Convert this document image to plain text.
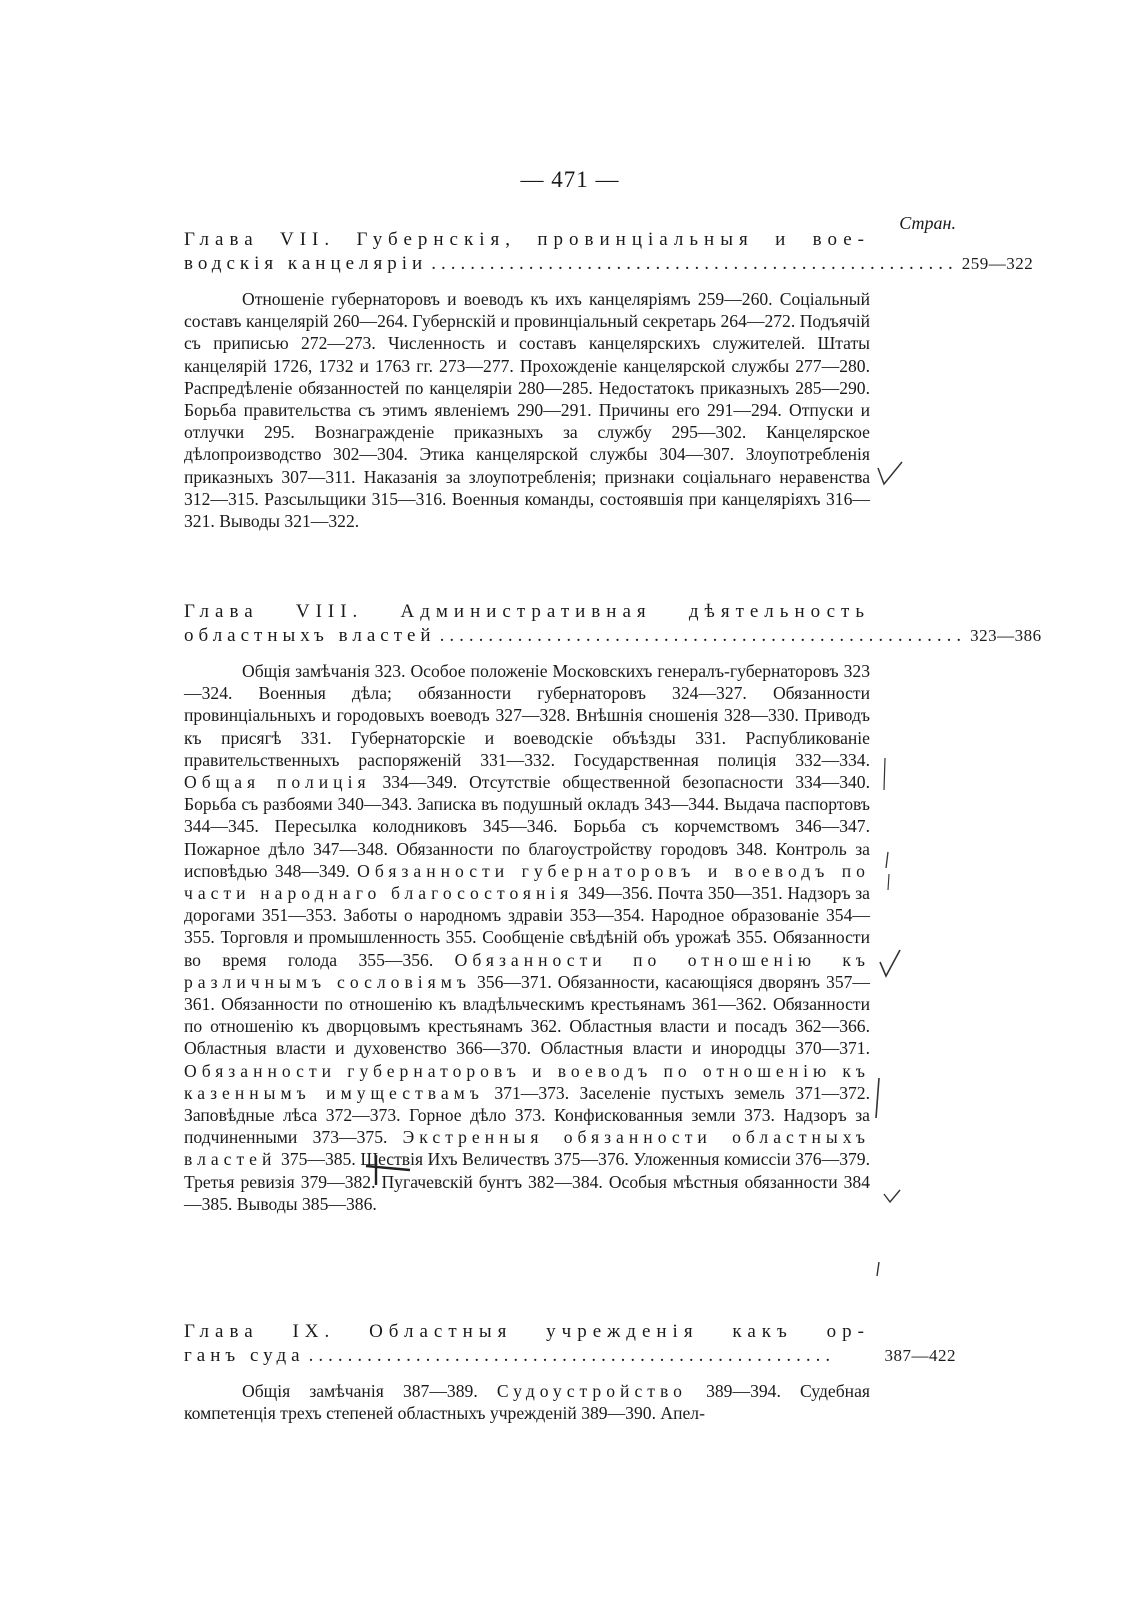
— 471 —
Стран.
Глава VII. Губернскія, провинціальныя и вое-
водскія канцеляріи ...................................................... 259—322

Отношеніе губернаторовъ и воеводъ къ ихъ канцеляріямъ 259—260. Соціальный составъ канцелярій 260—264. Губернскій и провинціальный секретарь 264—272. Подъячій съ приписью 272—273. Численность и составъ канцелярскихъ служителей. Штаты канцелярій 1726, 1732 и 1763 гг. 273—277. Прохожденіе канцелярской службы 277—280. Распредѣленіе обязанностей по канцеляріи 280—285. Недостатокъ приказныхъ 285—290. Борьба правительства съ этимъ явленіемъ 290—291. Причины его 291—294. Отпуски и отлучки 295. Вознагражденіе приказныхъ за службу 295—302. Канцелярское дѣлопроизводство 302—304. Этика канцелярской службы 304—307. Злоупотребленія приказныхъ 307—311. Наказанія за злоупотребленія; признаки соціальнаго неравенства 312—315. Разсыльщики 315—316. Военныя команды, состоявшія при канцеляріяхъ 316—321. Выводы 321—322.

Глава VIII. Административная дѣятельность
областныхъ властей ...................................................... 323—386

Общія замѣчанія 323. Особое положеніе Московскихъ генералъ-губернаторовъ 323—324. Военныя дѣла; обязанности губернаторовъ 324—327. Обязанности провинціальныхъ и городовыхъ воеводъ 327—328. Внѣшнія сношенія 328—330. Приводъ къ присягѣ 331. Губернаторскіе и воеводскіе объѣзды 331. Распубликованіе правительственныхъ распоряженій 331—332. Государственная полиція 332—334. Общая полиція 334—349. Отсутствіе общественной безопасности 334—340. Борьба съ разбоями 340—343. Записка въ подушный окладъ 343—344. Выдача паспортовъ 344—345. Пересылка колодниковъ 345—346. Борьба съ корчемствомъ 346—347. Пожарное дѣло 347—348. Обязанности по благоустройству городовъ 348. Контроль за исповѣдью 348—349. Обязанности губернаторовъ и воеводъ по части народнаго благосостоянія 349—356. Почта 350—351. Надзоръ за дорогами 351—353. Заботы о народномъ здравіи 353—354. Народное образованіе 354—355. Торговля и промышленность 355. Сообщеніе свѣдѣній объ урожаѣ 355. Обязанности во время голода 355—356. Обязанности по отношенію къ различнымъ сословіямъ 356—371. Обязанности, касающіяся дворянъ 357—361. Обязанности по отношенію къ владѣльческимъ крестьянамъ 361—362. Обязанности по отношенію къ дворцовымъ крестьянамъ 362. Областныя власти и посадъ 362—366. Областныя власти и духовенство 366—370. Областныя власти и инородцы 370—371. Обязанности губернаторовъ и воеводъ по отношенію къ казеннымъ имуществамъ 371—373. Заселеніе пустыхъ земель 371—372. Заповѣдные лѣса 372—373. Горное дѣло 373. Конфискованныя земли 373. Надзоръ за подчиненными 373—375. Экстренныя обязанности областныхъ властей 375—385. Шествія Ихъ Величествъ 375—376. Уложенныя комиссіи 376—379. Третья ревизія 379—382. Пугачевскій бунтъ 382—384. Особыя мѣстныя обязанности 384—385. Выводы 385—386.

Глава IX. Областныя учрежденія какъ ор-
ганъ суда ......................................................	387—422

Общія замѣчанія 387—389. Судоустройство 389—394. Судебная компетенція трехъ степеней областныхъ учрежденій 389—390. Апел-
